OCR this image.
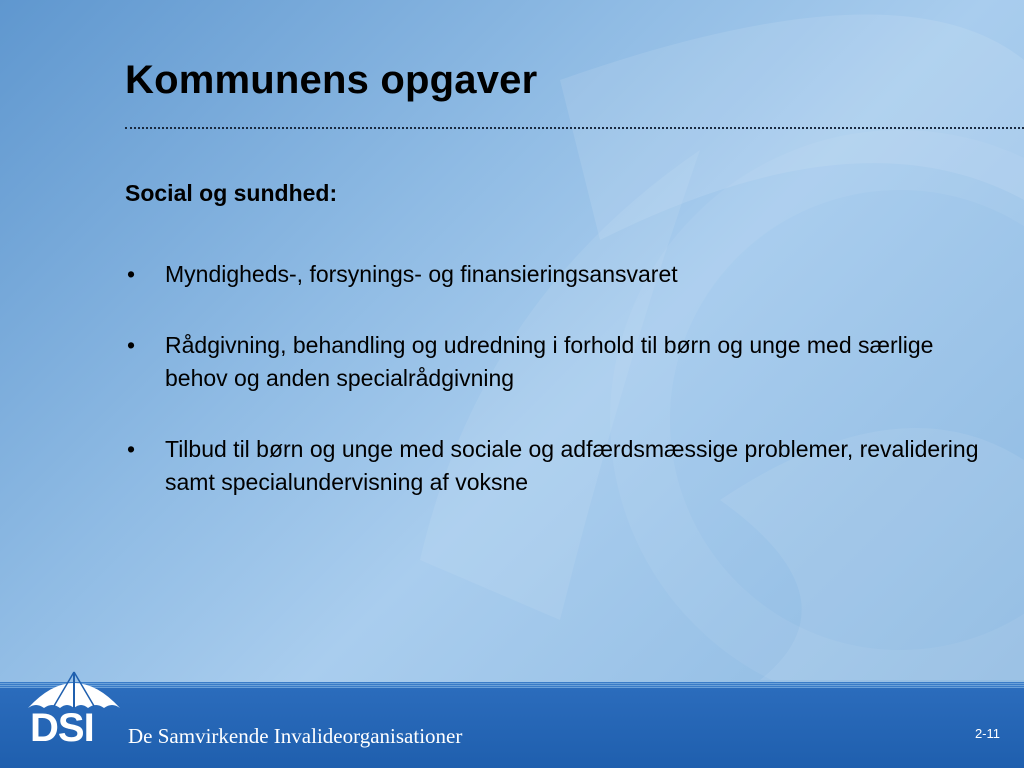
Kommunens opgaver

Social og sundhed:

• Myndigheds-, forsynings- og finansieringsansvaret
• Rådgivning, behandling og udredning i forhold til børn og unge med særlige behov og anden specialrådgivning
• Tilbud til børn og unge med sociale og adfærdsmæssige problemer, revalidering samt specialundervisning af voksne

DSI De Samvirkende Invalideorganisationer	2-11
